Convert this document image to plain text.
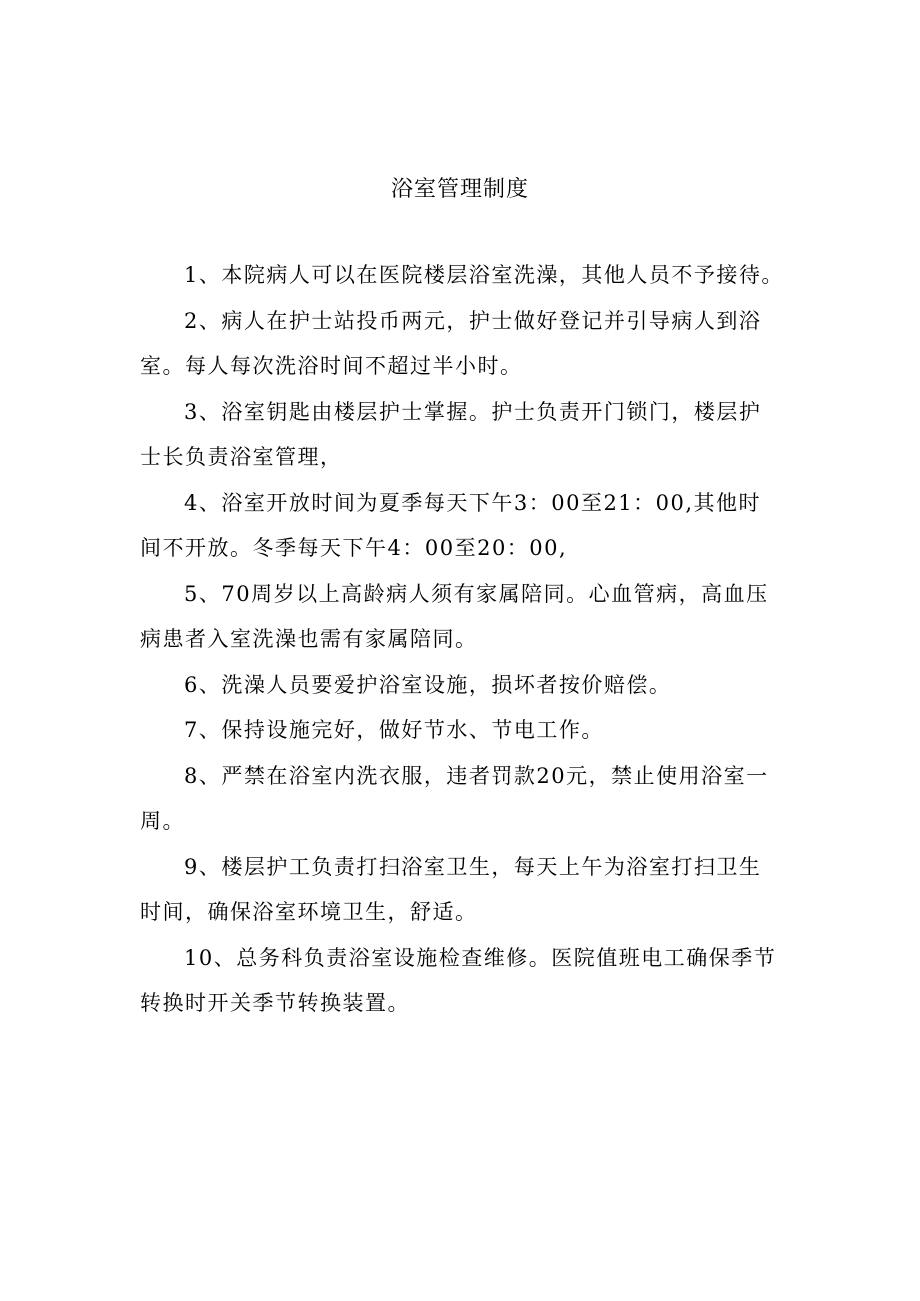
浴室管理制度

1、本院病人可以在医院楼层浴室洗澡，其他人员不予接待。

2、病人在护士站投币两元，护士做好登记并引导病人到浴
室。每人每次洗浴时间不超过半小时。

3、浴室钥匙由楼层护士掌握。护士负责开门锁门，楼层护
士长负责浴室管理，

4、浴室开放时间为夏季每天下午3：00至21：00,其他时
间不开放。冬季每天下午4：00至20：00,

5、70周岁以上高龄病人须有家属陪同。心血管病，高血压
病患者入室洗澡也需有家属陪同。

6、洗澡人员要爱护浴室设施，损坏者按价赔偿。

7、保持设施完好，做好节水、节电工作。

8、严禁在浴室内洗衣服，违者罚款20元，禁止使用浴室一
周。

9、楼层护工负责打扫浴室卫生，每天上午为浴室打扫卫生
时间，确保浴室环境卫生，舒适。

10、总务科负责浴室设施检查维修。医院值班电工确保季节
转换时开关季节转换装置。
